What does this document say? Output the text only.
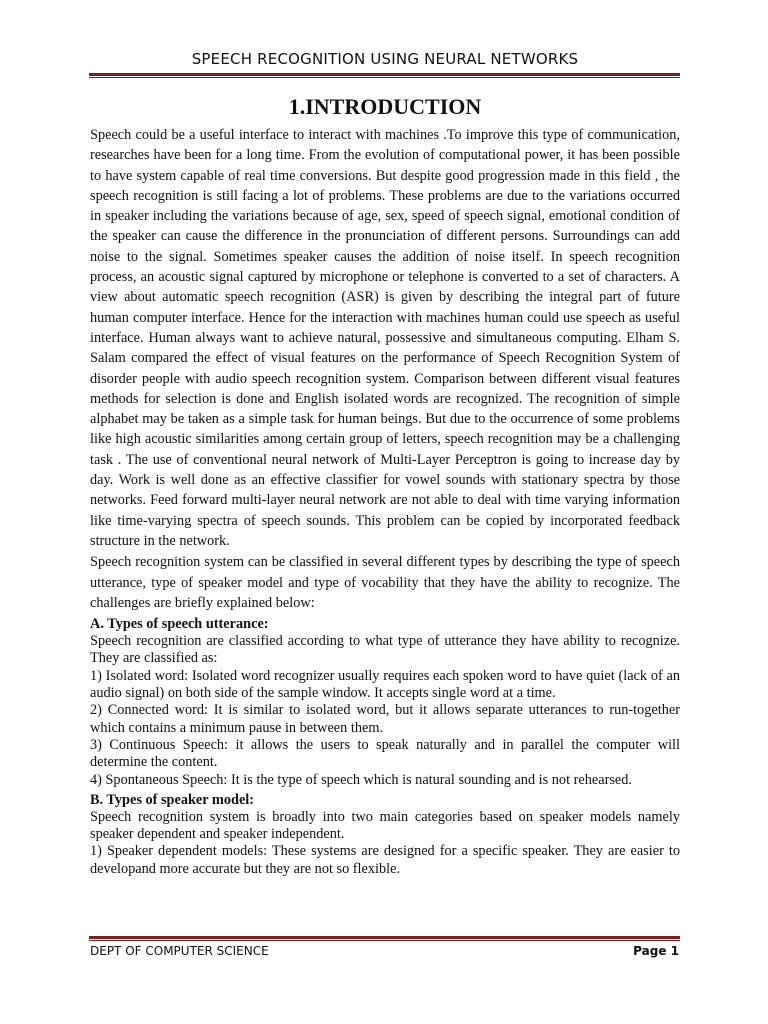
SPEECH RECOGNITION USING NEURAL NETWORKS
1.INTRODUCTION

Speech could be a useful interface to interact with machines .To improve this type of communication, researches have been for a long time. From the evolution of computational power, it has been possible to have system capable of real time conversions. But despite good progression made in this field , the speech recognition is still facing a lot of problems. These problems are due to the variations occurred in speaker including the variations because of age, sex, speed of speech signal, emotional condition of the speaker can cause the difference in the pronunciation of different persons. Surroundings can add noise to the signal. Sometimes speaker causes the addition of noise itself. In speech recognition process, an acoustic signal captured by microphone or telephone is converted to a set of characters. A view about automatic speech recognition (ASR) is given by describing the integral part of future human computer interface. Hence for the interaction with machines human could use speech as useful interface. Human always want to achieve natural, possessive and simultaneous computing. Elham S. Salam compared the effect of visual features on the performance of Speech Recognition System of disorder people with audio speech recognition system. Comparison between different visual features methods for selection is done and English isolated words are recognized. The recognition of simple alphabet may be taken as a simple task for human beings. But due to the occurrence of some problems like high acoustic similarities among certain group of letters, speech recognition may be a challenging task . The use of conventional neural network of Multi-Layer Perceptron is going to increase day by day. Work is well done as an effective classifier for vowel sounds with stationary spectra by those networks. Feed forward multi-layer neural network are not able to deal with time varying information like time-varying spectra of speech sounds. This problem can be copied by incorporated feedback structure in the network.

Speech recognition system can be classified in several different types by describing the type of speech utterance, type of speaker model and type of vocability that they have the ability to recognize. The challenges are briefly explained below:

A. Types of speech utterance:

Speech recognition are classified according to what type of utterance they have ability to recognize. They are classified as:

1) Isolated word: Isolated word recognizer usually requires each spoken word to have quiet (lack of an audio signal) on both side of the sample window. It accepts single word at a time.

2) Connected word: It is similar to isolated word, but it allows separate utterances to run-together which contains a minimum pause in between them.

3) Continuous Speech: it allows the users to speak naturally and in parallel the computer will determine the content.

4) Spontaneous Speech: It is the type of speech which is natural sounding and is not rehearsed.

B. Types of speaker model:

Speech recognition system is broadly into two main categories based on speaker models namely speaker dependent and speaker independent.

1) Speaker dependent models: These systems are designed for a specific speaker. They are easier to developand more accurate but they are not so flexible.

DEPT OF COMPUTER SCIENCE	Page 1
